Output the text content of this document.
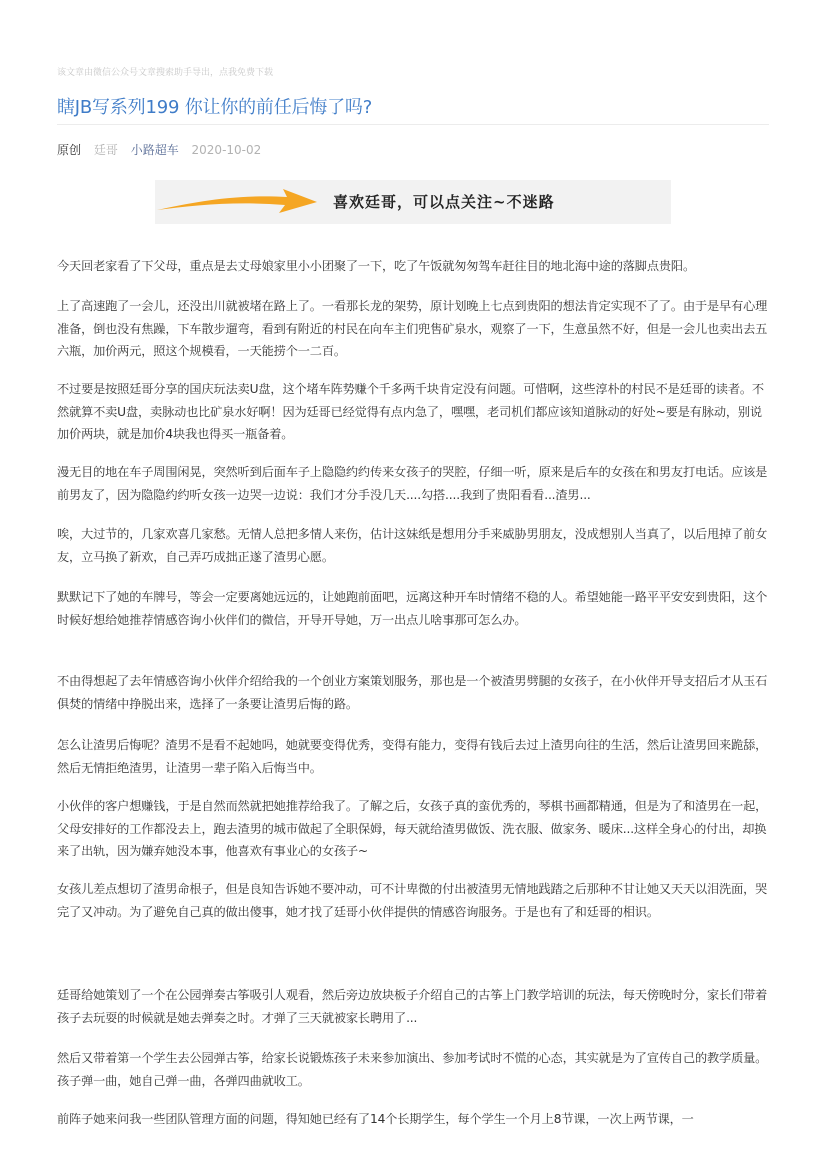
该文章由微信公众号文章搜索助手导出，点我免费下载
瞎JB写系列199 你让你的前任后悔了吗?
原创 廷哥 小路超车 2020-10-02
喜欢廷哥，可以点关注~不迷路

今天回老家看了下父母，重点是去丈母娘家里小小团聚了一下，吃了午饭就匆匆驾车赶往目的地北海中途的落脚点贵阳。

上了高速跑了一会儿，还没出川就被堵在路上了。一看那长龙的架势，原计划晚上七点到贵阳的想法肯定实现不了了。由于是早有心理准备，倒也没有焦躁，下车散步遛弯，看到有附近的村民在向车主们兜售矿泉水，观察了一下，生意虽然不好，但是一会儿也卖出去五六瓶，加价两元，照这个规模看，一天能捞个一二百。

不过要是按照廷哥分享的国庆玩法卖U盘，这个堵车阵势赚个千多两千块肯定没有问题。可惜啊，这些淳朴的村民不是廷哥的读者。不然就算不卖U盘，卖脉动也比矿泉水好啊！因为廷哥已经觉得有点内急了，嘿嘿，老司机们都应该知道脉动的好处~要是有脉动，别说加价两块，就是加价4块我也得买一瓶备着。

漫无目的地在车子周围闲晃，突然听到后面车子上隐隐约约传来女孩子的哭腔，仔细一听，原来是后车的女孩在和男友打电话。应该是前男友了，因为隐隐约约听女孩一边哭一边说：我们才分手没几天....勾搭....我到了贵阳看看...渣男...

唉，大过节的，几家欢喜几家愁。无情人总把多情人来伤，估计这妹纸是想用分手来威胁男朋友，没成想别人当真了，以后甩掉了前女友，立马换了新欢，自己弄巧成拙正遂了渣男心愿。

默默记下了她的车牌号，等会一定要离她远远的，让她跑前面吧，远离这种开车时情绪不稳的人。希望她能一路平平安安到贵阳，这个时候好想给她推荐情感咨询小伙伴们的微信，开导开导她，万一出点儿啥事那可怎么办。

不由得想起了去年情感咨询小伙伴介绍给我的一个创业方案策划服务，那也是一个被渣男劈腿的女孩子，在小伙伴开导支招后才从玉石俱焚的情绪中挣脱出来，选择了一条要让渣男后悔的路。

怎么让渣男后悔呢？渣男不是看不起她吗，她就要变得优秀，变得有能力，变得有钱后去过上渣男向往的生活，然后让渣男回来跪舔，然后无情拒绝渣男，让渣男一辈子陷入后悔当中。

小伙伴的客户想赚钱，于是自然而然就把她推荐给我了。了解之后，女孩子真的蛮优秀的，琴棋书画都精通，但是为了和渣男在一起，父母安排好的工作都没去上，跑去渣男的城市做起了全职保姆，每天就给渣男做饭、洗衣服、做家务、暖床...这样全身心的付出，却换来了出轨，因为嫌弃她没本事，他喜欢有事业心的女孩子~

女孩儿差点想切了渣男命根子，但是良知告诉她不要冲动，可不计卑微的付出被渣男无情地践踏之后那种不甘让她又天天以泪洗面，哭完了又冲动。为了避免自己真的做出傻事，她才找了廷哥小伙伴提供的情感咨询服务。于是也有了和廷哥的相识。

廷哥给她策划了一个在公园弹奏古筝吸引人观看，然后旁边放块板子介绍自己的古筝上门教学培训的玩法，每天傍晚时分，家长们带着孩子去玩耍的时候就是她去弹奏之时。才弹了三天就被家长聘用了...

然后又带着第一个学生去公园弹古筝，给家长说锻炼孩子未来参加演出、参加考试时不慌的心态，其实就是为了宣传自己的教学质量。孩子弹一曲，她自己弹一曲，各弹四曲就收工。

前阵子她来问我一些团队管理方面的问题，得知她已经有了14个长期学生，每个学生一个月上8节课，一次上两节课，一
